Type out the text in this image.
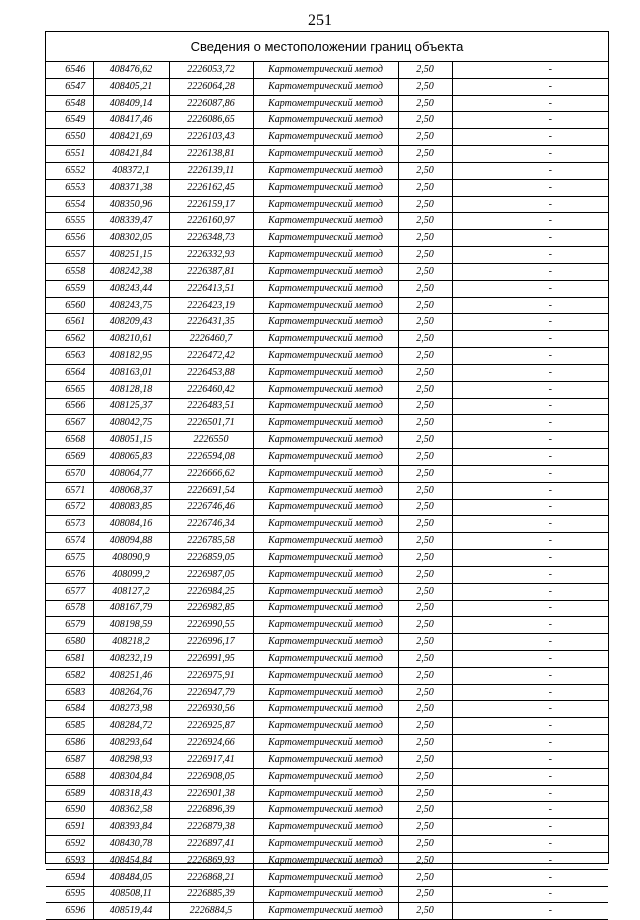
251
Сведения о местоположении границ объекта
6546	408476,62	2226053,72	Картометрический метод	2,50	-
6547	408405,21	2226064,28	Картометрический метод	2,50	-
6548	408409,14	2226087,86	Картометрический метод	2,50	-
6549	408417,46	2226086,65	Картометрический метод	2,50	-
6550	408421,69	2226103,43	Картометрический метод	2,50	-
6551	408421,84	2226138,81	Картометрический метод	2,50	-
6552	408372,1	2226139,11	Картометрический метод	2,50	-
6553	408371,38	2226162,45	Картометрический метод	2,50	-
6554	408350,96	2226159,17	Картометрический метод	2,50	-
6555	408339,47	2226160,97	Картометрический метод	2,50	-
6556	408302,05	2226348,73	Картометрический метод	2,50	-
6557	408251,15	2226332,93	Картометрический метод	2,50	-
6558	408242,38	2226387,81	Картометрический метод	2,50	-
6559	408243,44	2226413,51	Картометрический метод	2,50	-
6560	408243,75	2226423,19	Картометрический метод	2,50	-
6561	408209,43	2226431,35	Картометрический метод	2,50	-
6562	408210,61	2226460,7	Картометрический метод	2,50	-
6563	408182,95	2226472,42	Картометрический метод	2,50	-
6564	408163,01	2226453,88	Картометрический метод	2,50	-
6565	408128,18	2226460,42	Картометрический метод	2,50	-
6566	408125,37	2226483,51	Картометрический метод	2,50	-
6567	408042,75	2226501,71	Картометрический метод	2,50	-
6568	408051,15	2226550	Картометрический метод	2,50	-
6569	408065,83	2226594,08	Картометрический метод	2,50	-
6570	408064,77	2226666,62	Картометрический метод	2,50	-
6571	408068,37	2226691,54	Картометрический метод	2,50	-
6572	408083,85	2226746,46	Картометрический метод	2,50	-
6573	408084,16	2226746,34	Картометрический метод	2,50	-
6574	408094,88	2226785,58	Картометрический метод	2,50	-
6575	408090,9	2226859,05	Картометрический метод	2,50	-
6576	408099,2	2226987,05	Картометрический метод	2,50	-
6577	408127,2	2226984,25	Картометрический метод	2,50	-
6578	408167,79	2226982,85	Картометрический метод	2,50	-
6579	408198,59	2226990,55	Картометрический метод	2,50	-
6580	408218,2	2226996,17	Картометрический метод	2,50	-
6581	408232,19	2226991,95	Картометрический метод	2,50	-
6582	408251,46	2226975,91	Картометрический метод	2,50	-
6583	408264,76	2226947,79	Картометрический метод	2,50	-
6584	408273,98	2226930,56	Картометрический метод	2,50	-
6585	408284,72	2226925,87	Картометрический метод	2,50	-
6586	408293,64	2226924,66	Картометрический метод	2,50	-
6587	408298,93	2226917,41	Картометрический метод	2,50	-
6588	408304,84	2226908,05	Картометрический метод	2,50	-
6589	408318,43	2226901,38	Картометрический метод	2,50	-
6590	408362,58	2226896,39	Картометрический метод	2,50	-
6591	408393,84	2226879,38	Картометрический метод	2,50	-
6592	408430,78	2226897,41	Картометрический метод	2,50	-
6593	408454,84	2226869,93	Картометрический метод	2,50	-
6594	408484,05	2226868,21	Картометрический метод	2,50	-
6595	408508,11	2226885,39	Картометрический метод	2,50	-
6596	408519,44	2226884,5	Картометрический метод	2,50	-
